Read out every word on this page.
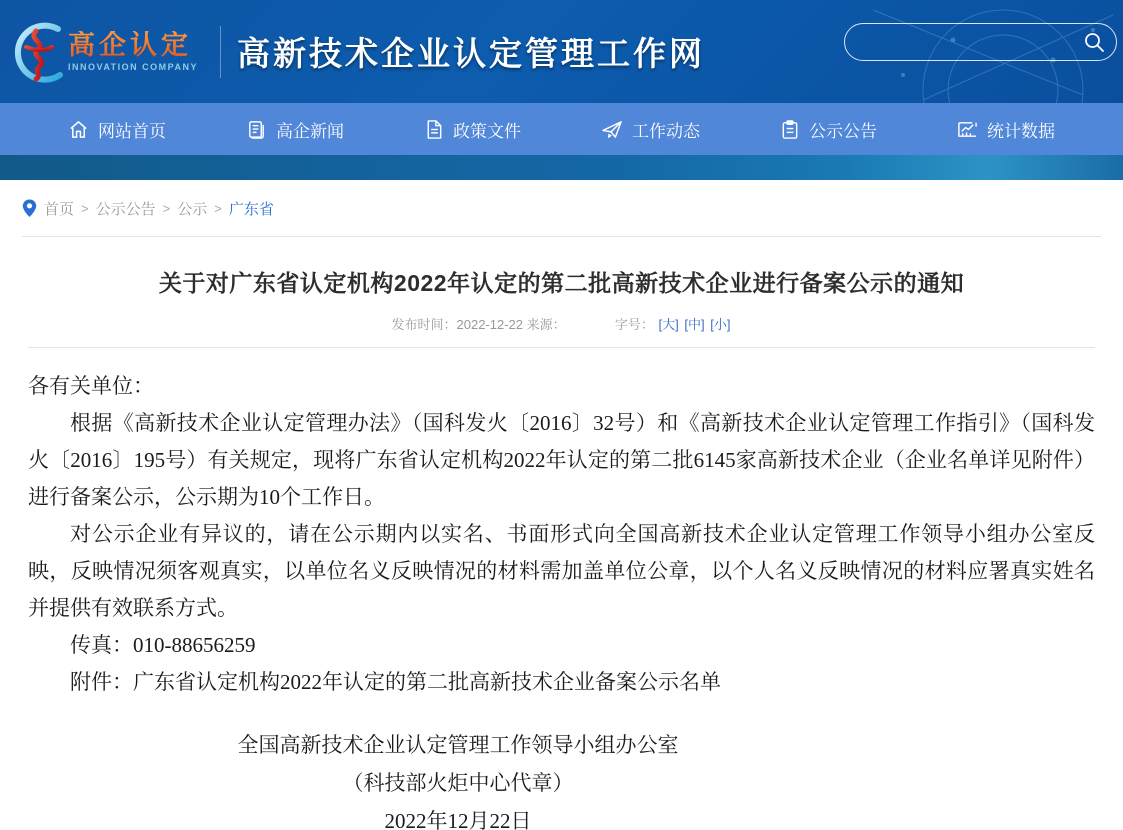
高企认定
INNOVATION COMPANY 高新技术企业认定管理工作网
网站首页	高企新闻	政策文件	工作动态	公示公告	统计数据
首页 > 公示公告 > 公示 > 广东省
关于对广东省认定机构2022年认定的第二批高新技术企业进行备案公示的通知
发布时间：2022-12-22 来源：	字号： [大] [中] [小]
各有关单位：
根据《高新技术企业认定管理办法》（国科发火〔2016〕32号）和《高新技术企业认定管理工作指引》（国科发火〔2016〕195号）有关规定，现将广东省认定机构2022年认定的第二批6145家高新技术企业（企业名单详见附件）进行备案公示，公示期为10个工作日。
对公示企业有异议的，请在公示期内以实名、书面形式向全国高新技术企业认定管理工作领导小组办公室反映，反映情况须客观真实，以单位名义反映情况的材料需加盖单位公章，以个人名义反映情况的材料应署真实姓名并提供有效联系方式。
传真：010-88656259
附件：广东省认定机构2022年认定的第二批高新技术企业备案公示名单
全国高新技术企业认定管理工作领导小组办公室
（科技部火炬中心代章）
2022年12月22日
